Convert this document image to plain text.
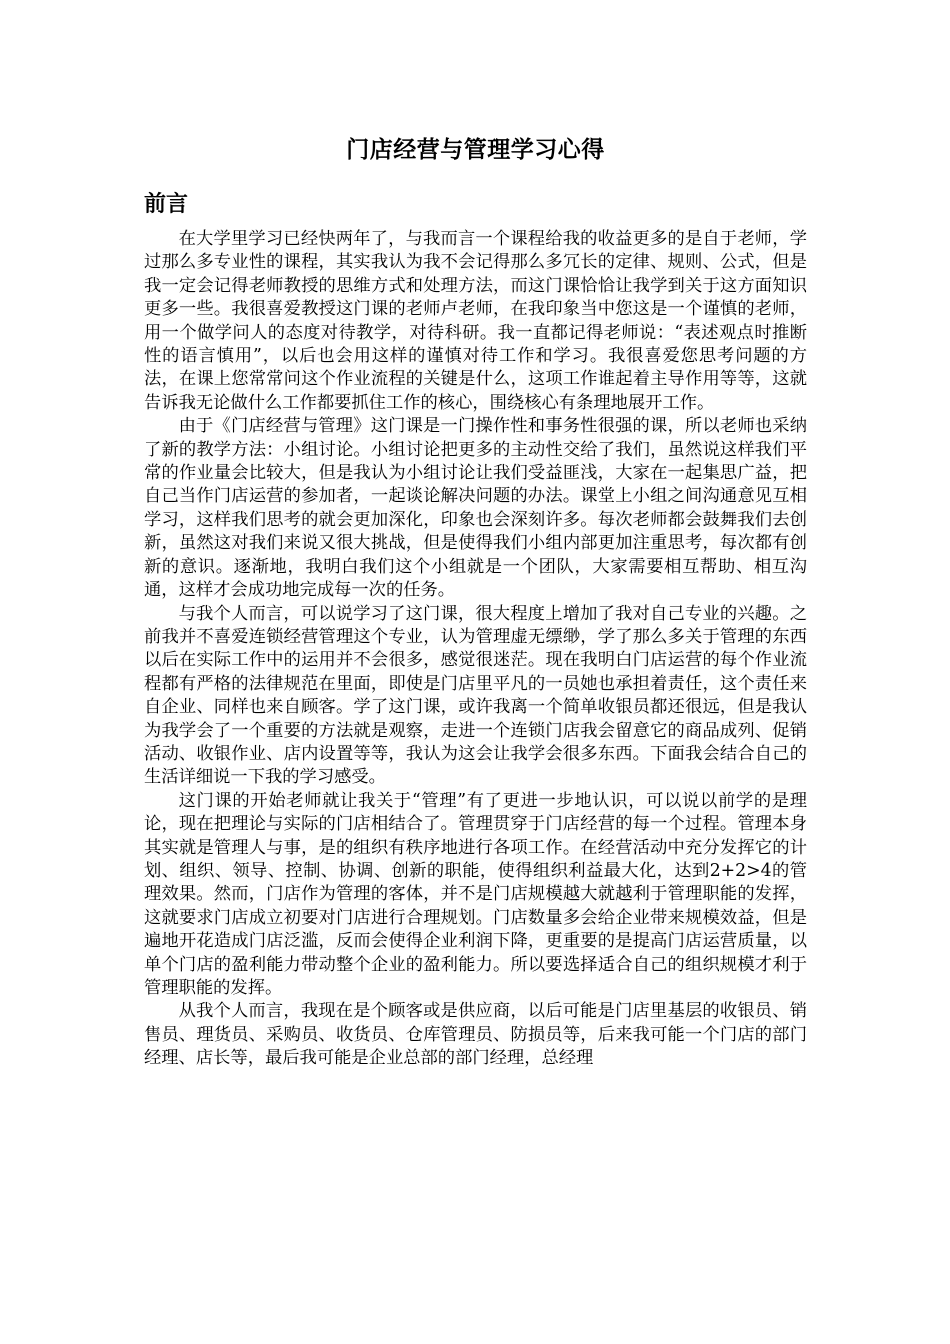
门店经营与管理学习心得
前言

在大学里学习已经快两年了，与我而言一个课程给我的收益更多的是自于老师，学过那么多专业性的课程，其实我认为我不会记得那么多冗长的定律、规则、公式，但是我一定会记得老师教授的思维方式和处理方法，而这门课恰恰让我学到关于这方面知识更多一些。我很喜爱教授这门课的老师卢老师，在我印象当中您这是一个谨慎的老师， 用一个做学问人的态度对待教学，对待科研。我一直都记得老师说：“表述观点时推断性的语言慎用”，以后也会用这样的谨慎对待工作和学习。我很喜爱您思考问题的方法，在课上您常常问这个作业流程的关键是什么，这项工作谁起着主导作用等等，这就告诉我无论做什么工作都要抓住工作的核心，围绕核心有条理地展开工作。

由于《门店经营与管理》这门课是一门操作性和事务性很强的课，所以老师也采纳了新的教学方法：小组讨论。小组讨论把更多的主动性交给了我们，虽然说这样我们平常的作业量会比较大，但是我认为小组讨论让我们受益匪浅，大家在一起集思广益，把自己当作门店运营的参加者，一起谈论解决问题的办法。课堂上小组之间沟通意见互相学习，这样我们思考的就会更加深化，印象也会深刻许多。每次老师都会鼓舞我们去创新，虽然这对我们来说又很大挑战，但是使得我们小组内部更加注重思考，每次都有创新的意识。逐渐地，我明白我们这个小组就是一个团队，大家需要相互帮助、相互沟通，这样才会成功地完成每一次的任务。

与我个人而言，可以说学习了这门课，很大程度上增加了我对自己专业的兴趣。之前我并不喜爱连锁经营管理这个专业，认为管理虚无缥缈，学了那么多关于管理的东西以后在实际工作中的运用并不会很多，感觉很迷茫。现在我明白门店运营的每个作业流程都有严格的法律规范在里面，即使是门店里平凡的一员她也承担着责任，这个责任来自企业、同样也来自顾客。学了这门课，或许我离一个简单收银员都还很远，但是我认为我学会了一个重要的方法就是观察，走进一个连锁门店我会留意它的商品成列、促销活动、收银作业、店内设置等等，我认为这会让我学会很多东西。下面我会结合自己的生活详细说一下我的学习感受。

这门课的开始老师就让我关于“管理”有了更进一步地认识，可以说以前学的是理论，现在把理论与实际的门店相结合了。管理贯穿于门店经营的每一个过程。管理本身其实就是管理人与事，是的组织有秩序地进行各项工作。在经营活动中充分发挥它的计划、组织、领导、控制、协调、创新的职能，使得组织利益最大化，达到2+2>4的管理效果。然而，门店作为管理的客体，并不是门店规模越大就越利于管理职能的发挥，这就要求门店成立初要对门店进行合理规划。门店数量多会给企业带来规模效益，但是遍地开花造成门店泛滥，反而会使得企业利润下降，更重要的是提高门店运营质量，以单个门店的盈利能力带动整个企业的盈利能力。所以要选择适合自己的组织规模才利于管理职能的发挥。

从我个人而言，我现在是个顾客或是供应商，以后可能是门店里基层的收银员、销售员、理货员、采购员、收货员、仓库管理员、防损员等，后来我可能一个门店的部门经理、店长等，最后我可能是企业总部的部门经理，总经理
